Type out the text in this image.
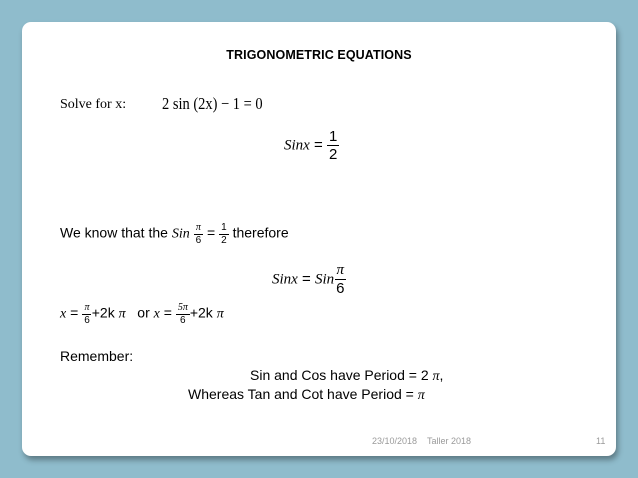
TRIGONOMETRIC EQUATIONS
Solve for x: 2 sin (2x) − 1 = 0
Sinx = $\frac{1}{2}$
We know that the Sin $\frac{\pi}{6} = \frac{1}{2}$ therefore
Sinx = Sin $\frac{\pi}{6}$
$x = \frac{\pi}{6} +2k$ π   or $x = \frac{5\pi}{6} +2k$ π
Remember:
Sin and Cos have Period = 2 π,
Whereas Tan and Cot have Period = π
23/10/2018 Taller 2018	11
